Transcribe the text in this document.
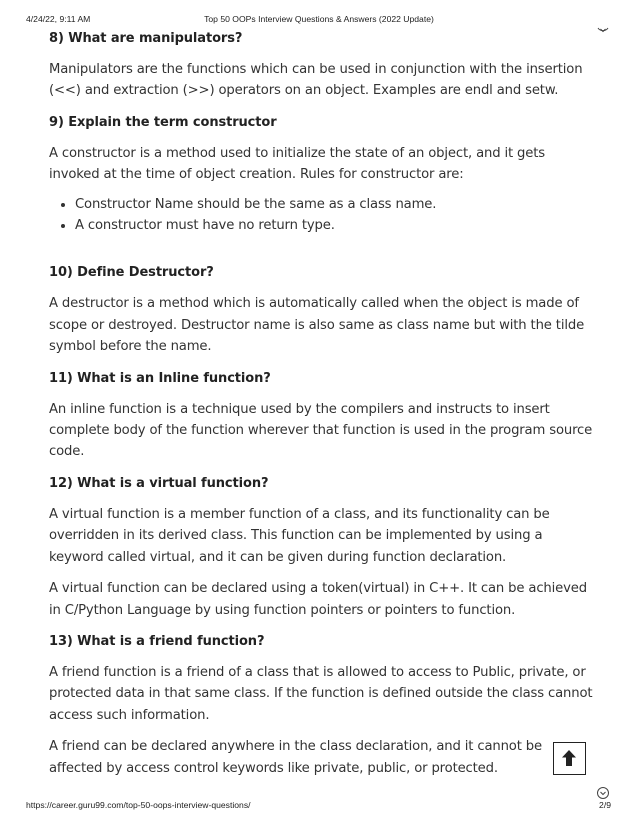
4/24/22, 9:11 AM	Top 50 OOPs Interview Questions & Answers (2022 Update)
8) What are manipulators?

Manipulators are the functions which can be used in conjunction with the insertion (<<) and extraction (>>) operators on an object. Examples are endl and setw.

9) Explain the term constructor

A constructor is a method used to initialize the state of an object, and it gets invoked at the time of object creation. Rules for constructor are:

• Constructor Name should be the same as a class name.
• A constructor must have no return type.
10) Define Destructor?

A destructor is a method which is automatically called when the object is made of scope or destroyed. Destructor name is also same as class name but with the tilde symbol before the name.

11) What is an Inline function?

An inline function is a technique used by the compilers and instructs to insert complete body of the function wherever that function is used in the program source code.

12) What is a virtual function?

A virtual function is a member function of a class, and its functionality can be overridden in its derived class. This function can be implemented by using a keyword called virtual, and it can be given during function declaration.

A virtual function can be declared using a token(virtual) in C++. It can be achieved in C/Python Language by using function pointers or pointers to function.

13) What is a friend function?

A friend function is a friend of a class that is allowed to access to Public, private, or protected data in that same class. If the function is defined outside the class cannot access such information.

A friend can be declared anywhere in the class declaration, and it cannot be affected by access control keywords like private, public, or protected.

https://career.guru99.com/top-50-oops-interview-questions/	2/9
